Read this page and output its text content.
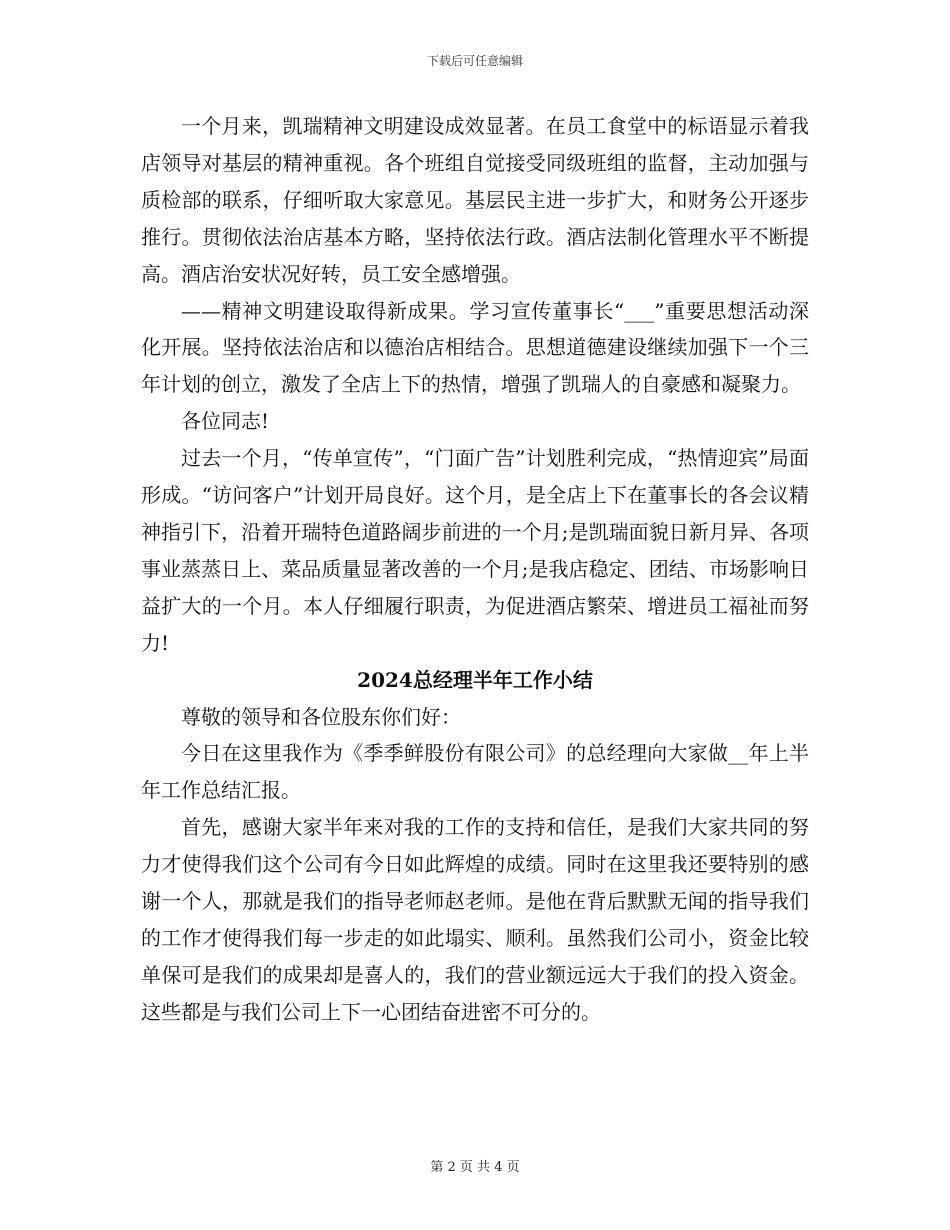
下载后可任意编辑

一个月来，凯瑞精神文明建设成效显著。在员工食堂中的标语显示着我店领导对基层的精神重视。各个班组自觉接受同级班组的监督，主动加强与质检部的联系，仔细听取大家意见。基层民主进一步扩大，和财务公开逐步推行。贯彻依法治店基本方略，坚持依法行政。酒店法制化管理水平不断提高。酒店治安状况好转，员工安全感增强。

——精神文明建设取得新成果。学习宣传董事长“___”重要思想活动深化开展。坚持依法治店和以德治店相结合。思想道德建设继续加强下一个三年计划的创立，激发了全店上下的热情，增强了凯瑞人的自豪感和凝聚力。

各位同志!

过去一个月，“传单宣传”，“门面广告”计划胜利完成，“热情迎宾”局面形成。“访问客户”计划开局良好。这个月，是全店上下在董事长的各会议精神指引下，沿着开瑞特色道路阔步前进的一个月;是凯瑞面貌日新月异、各项事业蒸蒸日上、菜品质量显著改善的一个月;是我店稳定、团结、市场影响日益扩大的一个月。本人仔细履行职责，为促进酒店繁荣、增进员工福祉而努力!

2024总经理半年工作小结

尊敬的领导和各位股东你们好：

今日在这里我作为《季季鲜股份有限公司》的总经理向大家做__年上半年工作总结汇报。

首先，感谢大家半年来对我的工作的支持和信任，是我们大家共同的努力才使得我们这个公司有今日如此辉煌的成绩。同时在这里我还要特别的感谢一个人，那就是我们的指导老师赵老师。是他在背后默默无闻的指导我们的工作才使得我们每一步走的如此塌实、顺利。虽然我们公司小，资金比较单保可是我们的成果却是喜人的，我们的营业额远远大于我们的投入资金。这些都是与我们公司上下一心团结奋进密不可分的。

第 2 页 共 4 页
